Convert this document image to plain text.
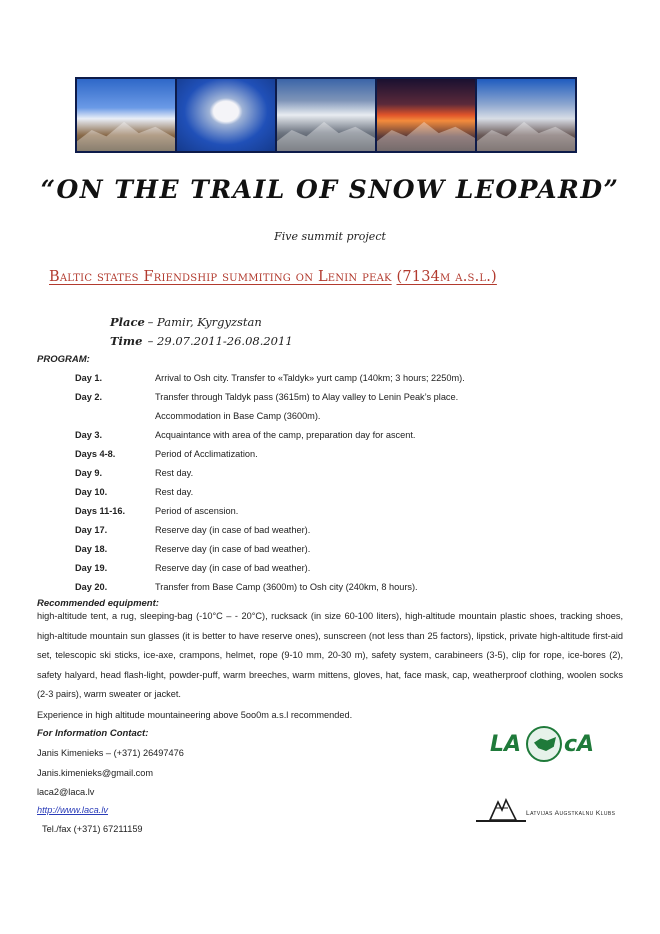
“ON THE TRAIL OF SNOW LEOPARD”
Five summit project
Baltic states Friendship summiting on Lenin peak (7134m a.s.l.)
Place – Pamir, Kyrgyzstan
Time – 29.07.2011-26.08.2011
PROGRAM:
Day 1.	Arrival to Osh city. Transfer to «Taldyk» yurt camp (140km; 3 hours; 2250m).
Day 2.	Transfer through Taldyk pass (3615m) to Alay valley to Lenin Peak’s place.
Accommodation in Base Camp (3600m).
Day 3.	Acquaintance with area of the camp, preparation day for ascent.
Days 4-8.	Period of Acclimatization.
Day 9.	Rest day.
Day 10.	Rest day.
Days 11-16.	Period of ascension.
Day 17.	Reserve day (in case of bad weather).
Day 18.	Reserve day (in case of bad weather).
Day 19.	Reserve day (in case of bad weather).
Day 20.	Transfer from Base Camp (3600m) to Osh city (240km, 8 hours).
Recommended equipment:
high-altitude tent, a rug, sleeping-bag (-10°C – - 20°C), rucksack (in size 60-100 liters), high-altitude mountain plastic shoes, tracking shoes, high-altitude mountain sun glasses (it is better to have reserve ones), sunscreen (not less than 25 factors), lipstick, private high-altitude first-aid set, telescopic ski sticks, ice-axe, crampons, helmet, rope (9-10 mm, 20-30 m), safety system, carabineers (3-5), clip for rope, ice-bores (2), safety halyard, head flash-light, powder-puff, warm breeches, warm mittens, gloves, hat, face mask, cap, weatherproof clothing, woolen socks (2-3 pairs), warm sweater or jacket.
Experience in high altitude mountaineering above 5oo0m a.s.l recommended.
For Information Contact:
Janis Kimenieks – (+371) 26497476
Janis.kimenieks@gmail.com
laca2@laca.lv
http://www.laca.lv
Tel./fax (+371) 67211159
LA cA
Latvijas Augstkalnu Klubs
